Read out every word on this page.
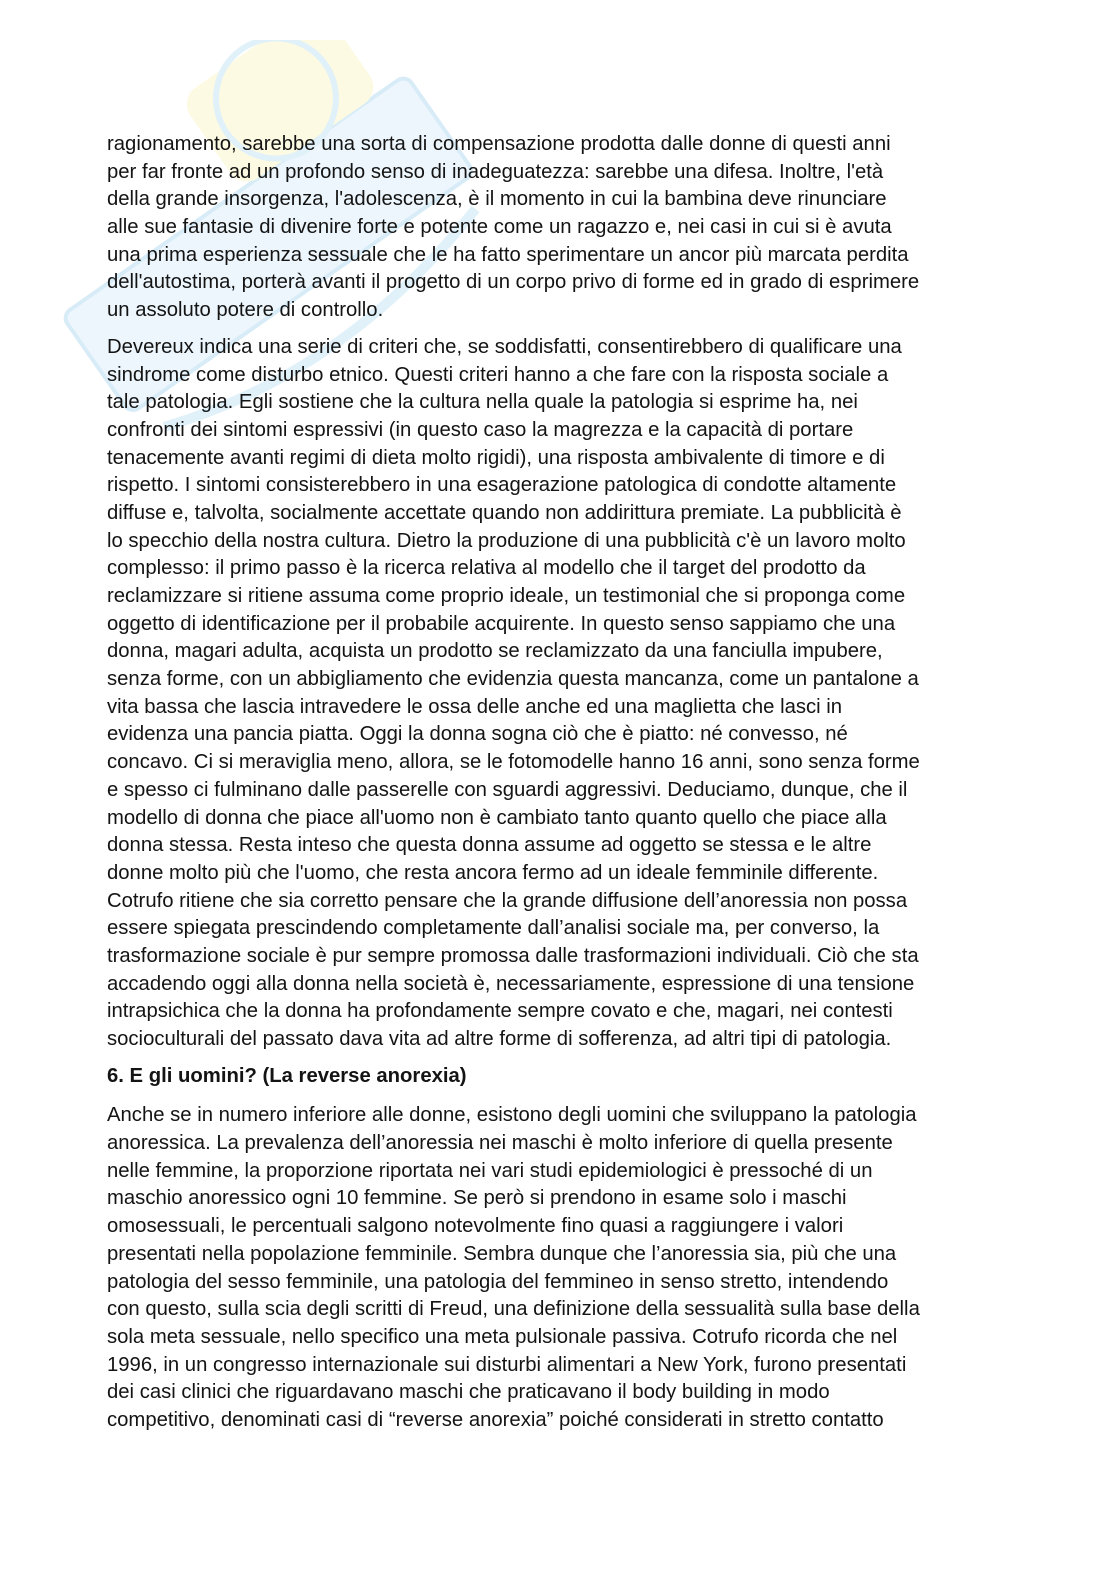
ragionamento, sarebbe una sorta di compensazione prodotta dalle donne di questi anni
per far fronte ad un profondo senso di inadeguatezza: sarebbe una difesa. Inoltre, l'età
della grande insorgenza, l'adolescenza, è il momento in cui la bambina deve rinunciare
alle sue fantasie di divenire forte e potente come un ragazzo e, nei casi in cui si è avuta
una prima esperienza sessuale che le ha fatto sperimentare un ancor più marcata perdita
dell'autostima, porterà avanti il progetto di un corpo privo di forme ed in grado di esprimere
un assoluto potere di controllo.
Devereux indica una serie di criteri che, se soddisfatti, consentirebbero di qualificare una
sindrome come disturbo etnico. Questi criteri hanno a che fare con la risposta sociale a
tale patologia. Egli sostiene che la cultura nella quale la patologia si esprime ha, nei
confronti dei sintomi espressivi (in questo caso la magrezza e la capacità di portare
tenacemente avanti regimi di dieta molto rigidi), una risposta ambivalente di timore e di
rispetto. I sintomi consisterebbero in una esagerazione patologica di condotte altamente
diffuse e, talvolta, socialmente accettate quando non addirittura premiate. La pubblicità è
lo specchio della nostra cultura. Dietro la produzione di una pubblicità c'è un lavoro molto
complesso: il primo passo è la ricerca relativa al modello che il target del prodotto da
reclamizzare si ritiene assuma come proprio ideale, un testimonial che si proponga come
oggetto di identificazione per il probabile acquirente. In questo senso sappiamo che una
donna, magari adulta, acquista un prodotto se reclamizzato da una fanciulla impubere,
senza forme, con un abbigliamento che evidenzia questa mancanza, come un pantalone a
vita bassa che lascia intravedere le ossa delle anche ed una maglietta che lasci in
evidenza una pancia piatta. Oggi la donna sogna ciò che è piatto: né convesso, né
concavo. Ci si meraviglia meno, allora, se le fotomodelle hanno 16 anni, sono senza forme
e spesso ci fulminano dalle passerelle con sguardi aggressivi. Deduciamo, dunque, che il
modello di donna che piace all'uomo non è cambiato tanto quanto quello che piace alla
donna stessa. Resta inteso che questa donna assume ad oggetto se stessa e le altre
donne molto più che l'uomo, che resta ancora fermo ad un ideale femminile differente.
Cotrufo ritiene che sia corretto pensare che la grande diffusione dell’anoressia non possa
essere spiegata prescindendo completamente dall’analisi sociale ma, per converso, la
trasformazione sociale è pur sempre promossa dalle trasformazioni individuali. Ciò che sta
accadendo oggi alla donna nella società è, necessariamente, espressione di una tensione
intrapsichica che la donna ha profondamente sempre covato e che, magari, nei contesti
socioculturali del passato dava vita ad altre forme di sofferenza, ad altri tipi di patologia.
6. E gli uomini? (La reverse anorexia)
Anche se in numero inferiore alle donne, esistono degli uomini che sviluppano la patologia
anoressica. La prevalenza dell’anoressia nei maschi è molto inferiore di quella presente
nelle femmine, la proporzione riportata nei vari studi epidemiologici è pressoché di un
maschio anoressico ogni 10 femmine. Se però si prendono in esame solo i maschi
omosessuali, le percentuali salgono notevolmente fino quasi a raggiungere i valori
presentati nella popolazione femminile. Sembra dunque che l’anoressia sia, più che una
patologia del sesso femminile, una patologia del femmineo in senso stretto, intendendo
con questo, sulla scia degli scritti di Freud, una definizione della sessualità sulla base della
sola meta sessuale, nello specifico una meta pulsionale passiva. Cotrufo ricorda che nel
1996, in un congresso internazionale sui disturbi alimentari a New York, furono presentati
dei casi clinici che riguardavano maschi che praticavano il body building in modo
competitivo, denominati casi di “reverse anorexia” poiché considerati in stretto contatto
